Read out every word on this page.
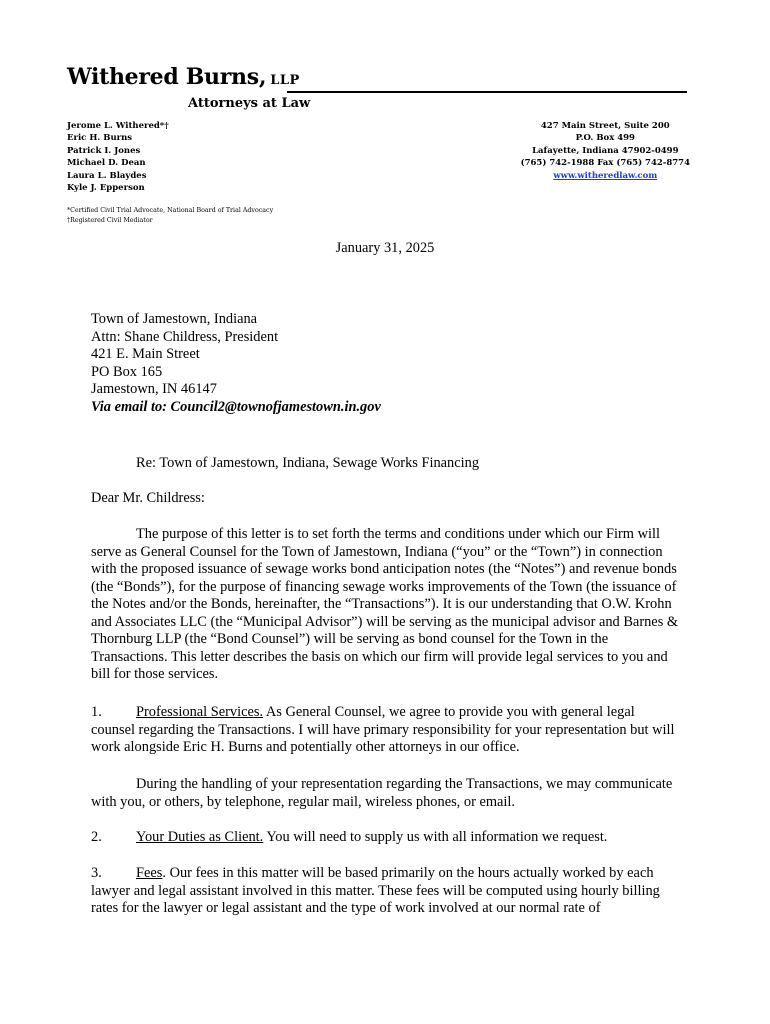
Withered Burns, LLP
Attorneys at Law
Jerome L. Withered*†
Eric H. Burns
Patrick I. Jones
Michael D. Dean
Laura L. Blaydes
Kyle J. Epperson
427 Main Street, Suite 200
P.O. Box 499
Lafayette, Indiana 47902-0499
(765) 742-1988 Fax (765) 742-8774
www.witheredlaw.com
*Certified Civil Trial Advocate, National Board of Trial Advocacy
†Registered Civil Mediator
January 31, 2025
Town of Jamestown, Indiana
Attn: Shane Childress, President
421 E. Main Street
PO Box 165
Jamestown, IN 46147
Via email to: Council2@townofjamestown.in.gov
Re: Town of Jamestown, Indiana, Sewage Works Financing
Dear Mr. Childress:

The purpose of this letter is to set forth the terms and conditions under which our Firm will serve as General Counsel for the Town of Jamestown, Indiana (“you” or the “Town”) in connection with the proposed issuance of sewage works bond anticipation notes (the “Notes”) and revenue bonds (the “Bonds”), for the purpose of financing sewage works improvements of the Town (the issuance of the Notes and/or the Bonds, hereinafter, the “Transactions”). It is our understanding that O.W. Krohn and Associates LLC (the “Municipal Advisor”) will be serving as the municipal advisor and Barnes & Thornburg LLP (the “Bond Counsel”) will be serving as bond counsel for the Town in the Transactions. This letter describes the basis on which our firm will provide legal services to you and bill for those services.

1. Professional Services. As General Counsel, we agree to provide you with general legal counsel regarding the Transactions. I will have primary responsibility for your representation but will work alongside Eric H. Burns and potentially other attorneys in our office.

During the handling of your representation regarding the Transactions, we may communicate with you, or others, by telephone, regular mail, wireless phones, or email.

2. Your Duties as Client. You will need to supply us with all information we request.

3. Fees. Our fees in this matter will be based primarily on the hours actually worked by each lawyer and legal assistant involved in this matter. These fees will be computed using hourly billing rates for the lawyer or legal assistant and the type of work involved at our normal rate of
